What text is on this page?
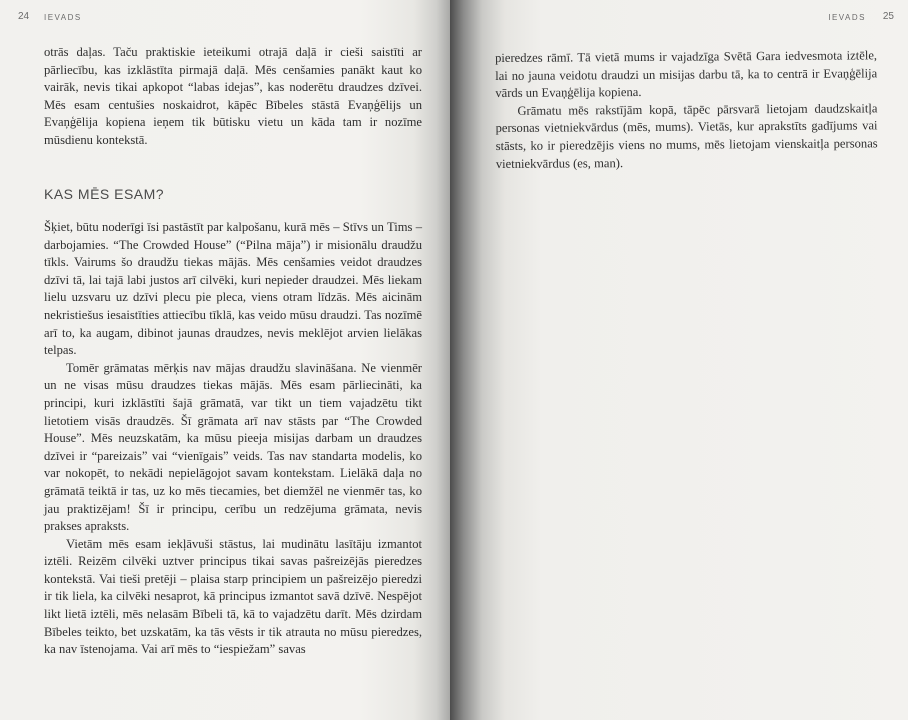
24 IEVADS

otrās daļas. Taču praktiskie ieteikumi otrajā daļā ir cieši saistīti ar pārliecību, kas izklāstīta pirmajā daļā. Mēs cenšamies panākt kaut ko vairāk, nevis tikai apkopot “labas idejas”, kas noderētu draudzes dzīvei. Mēs esam centušies noskaidrot, kāpēc Bībeles stāstā Evaņģēlijs un Evaņģēlija kopiena ieņem tik būtisku vietu un kāda tam ir nozīme mūsdienu kontekstā.

KAS MĒS ESAM?

Šķiet, būtu noderīgi īsi pastāstīt par kalpošanu, kurā mēs – Stīvs un Tims – darbojamies. “The Crowded House” (“Pilna māja”) ir misionālu draudžu tīkls. Vairums šo draudžu tiekas mājās. Mēs cenšamies veidot draudzes dzīvi tā, lai tajā labi justos arī cilvēki, kuri nepieder draudzei. Mēs liekam lielu uzsvaru uz dzīvi plecu pie pleca, viens otram līdzās. Mēs aicinām nekristiešus iesaistīties attiecību tīklā, kas veido mūsu draudzi. Tas nozīmē arī to, ka augam, dibinot jaunas draudzes, nevis meklējot arvien lielākas telpas.

Tomēr grāmatas mērķis nav mājas draudžu slavināšana. Ne vienmēr un ne visas mūsu draudzes tiekas mājās. Mēs esam pārliecināti, ka principi, kuri izklāstīti šajā grāmatā, var tikt un tiem vajadzētu tikt lietotiem visās draudzēs. Šī grāmata arī nav stāsts par “The Crowded House”. Mēs neuzskatām, ka mūsu pieeja misijas darbam un draudzes dzīvei ir “pareizais” vai “vienīgais” veids. Tas nav standarta modelis, ko var nokopēt, to nekādi nepielāgojot savam kontekstam. Lielākā daļa no grāmatā teiktā ir tas, uz ko mēs tiecamies, bet diemžēl ne vienmēr tas, ko jau praktizējam! Šī ir principu, cerību un redzējuma grāmata, nevis prakses apraksts.

Vietām mēs esam iekļāvuši stāstus, lai mudinātu lasītāju izmantot iztēli. Reizēm cilvēki uztver principus tikai savas pašreizējās pieredzes kontekstā. Vai tieši pretēji – plaisa starp principiem un pašreizējo pieredzi ir tik liela, ka cilvēki nesaprot, kā principus izmantot savā dzīvē. Nespējot likt lietā iztēli, mēs nelasām Bībeli tā, kā to vajadzētu darīt. Mēs dzirdam Bībeles teikto, bet uzskatām, ka tās vēsts ir tik atrauta no mūsu pieredzes, ka nav īstenojama. Vai arī mēs to “iespiežam” savas

IEVADS 25

pieredzes rāmī. Tā vietā mums ir vajadzīga Svētā Gara iedvesmota iztēle, lai no jauna veidotu draudzi un misijas darbu tā, ka to centrā ir Evaņģēlija vārds un Evaņģēlija kopiena.

Grāmatu mēs rakstījām kopā, tāpēc pārsvarā lietojam daudzskaitļa personas vietniekvārdus (mēs, mums). Vietās, kur aprakstīts gadījums vai stāsts, ko ir pieredzējis viens no mums, mēs lietojam vienskaitļa personas vietniekvārdus (es, man).
